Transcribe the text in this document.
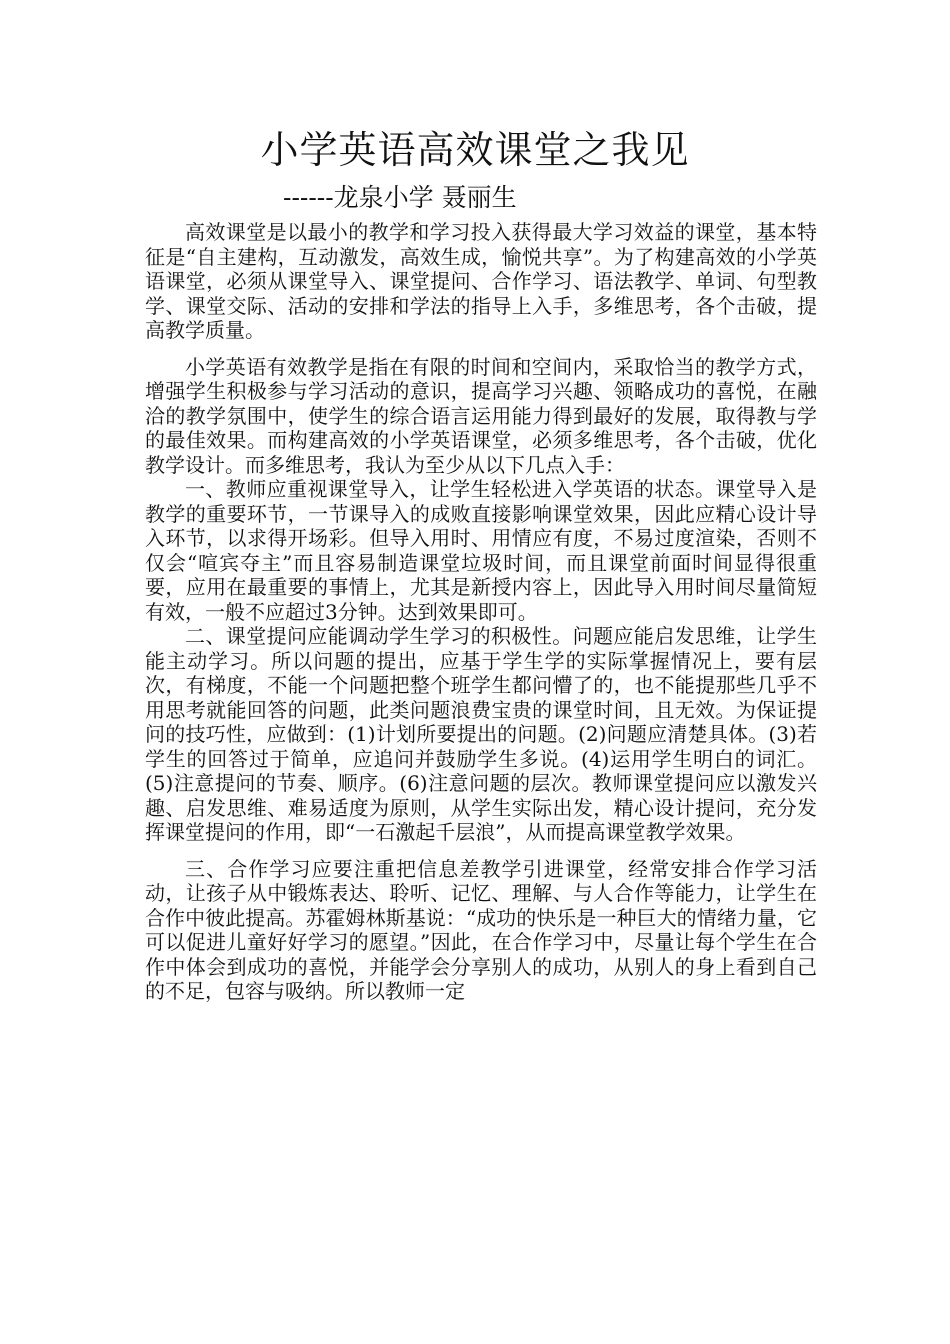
小学英语高效课堂之我见
------龙泉小学 聂丽生

高效课堂是以最小的教学和学习投入获得最大学习效益的课堂，基本特征是“自主建构，互动激发，高效生成，愉悦共享”。为了构建高效的小学英语课堂，必须从课堂导入、课堂提问、合作学习、语法教学、单词、句型教学、课堂交际、活动的安排和学法的指导上入手，多维思考，各个击破，提高教学质量。

小学英语有效教学是指在有限的时间和空间内，采取恰当的教学方式，增强学生积极参与学习活动的意识，提高学习兴趣、领略成功的喜悦，在融洽的教学氛围中，使学生的综合语言运用能力得到最好的发展，取得教与学的最佳效果。而构建高效的小学英语课堂，必须多维思考，各个击破，优化教学设计。而多维思考，我认为至少从以下几点入手：

一、教师应重视课堂导入，让学生轻松进入学英语的状态。课堂导入是教学的重要环节，一节课导入的成败直接影响课堂效果，因此应精心设计导入环节，以求得开场彩。但导入用时、用情应有度，不易过度渲染，否则不仅会“喧宾夺主”而且容易制造课堂垃圾时间，而且课堂前面时间显得很重要，应用在最重要的事情上，尤其是新授内容上，因此导入用时间尽量简短有效，一般不应超过3分钟。达到效果即可。

二、课堂提问应能调动学生学习的积极性。问题应能启发思维，让学生能主动学习。所以问题的提出，应基于学生学的实际掌握情况上，要有层次，有梯度，不能一个问题把整个班学生都问懵了的，也不能提那些几乎不用思考就能回答的问题，此类问题浪费宝贵的课堂时间，且无效。为保证提问的技巧性，应做到：(1)计划所要提出的问题。(2)问题应清楚具体。(3)若学生的回答过于简单，应追问并鼓励学生多说。(4)运用学生明白的词汇。(5)注意提问的节奏、顺序。(6)注意问题的层次。教师课堂提问应以激发兴趣、启发思维、难易适度为原则，从学生实际出发，精心设计提问，充分发挥课堂提问的作用，即“一石激起千层浪”，从而提高课堂教学效果。

三、合作学习应要注重把信息差教学引进课堂，经常安排合作学习活动，让孩子从中锻炼表达、聆听、记忆、理解、与人合作等能力，让学生在合作中彼此提高。苏霍姆林斯基说：“成功的快乐是一种巨大的情绪力量，它可以促进儿童好好学习的愿望。”因此，在合作学习中，尽量让每个学生在合作中体会到成功的喜悦，并能学会分享别人的成功，从别人的身上看到自己的不足，包容与吸纳。所以教师一定
